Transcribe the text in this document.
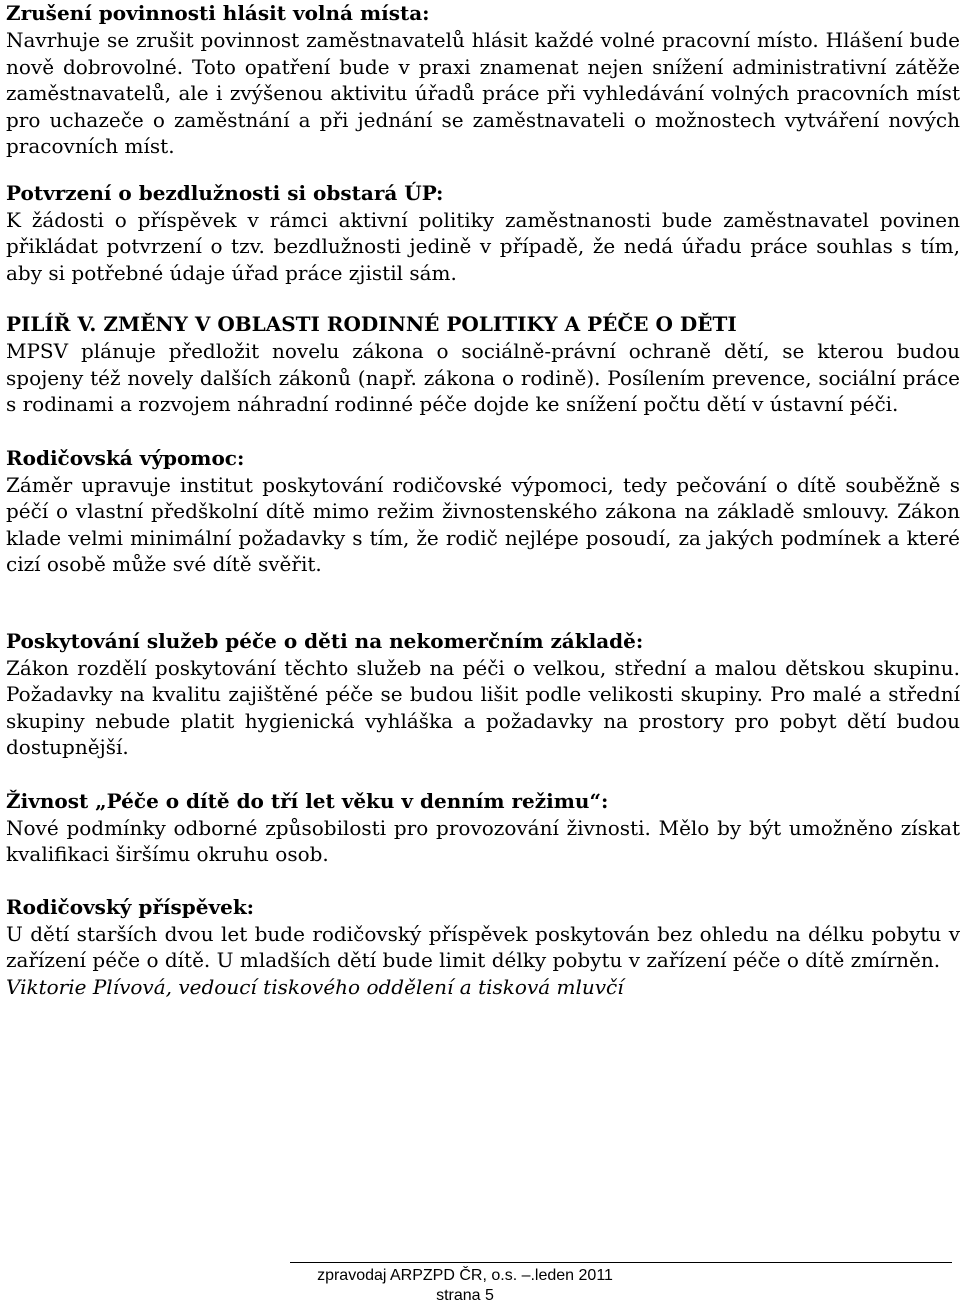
Zrušení povinnosti hlásit volná místa:

Navrhuje se zrušit povinnost zaměstnavatelů hlásit každé volné pracovní místo. Hlášení bude nově dobrovolné. Toto opatření bude v praxi znamenat nejen snížení administrativní zátěže zaměstnavatelů, ale i zvýšenou aktivitu úřadů práce při vyhledávání volných pracovních míst pro uchazeče o zaměstnání a při jednání se zaměstnavateli o možnostech vytváření nových pracovních míst.

Potvrzení o bezdlužnosti si obstará ÚP:

K žádosti o příspěvek v rámci aktivní politiky zaměstnanosti bude zaměstnavatel povinen přikládat potvrzení o tzv. bezdlužnosti jedině v případě, že nedá úřadu práce souhlas s tím, aby si potřebné údaje úřad práce zjistil sám.

PILÍŘ V. ZMĚNY V OBLASTI RODINNÉ POLITIKY A PÉČE O DĚTI

MPSV plánuje předložit novelu zákona o sociálně-právní ochraně dětí, se kterou budou spojeny též novely dalších zákonů (např. zákona o rodině). Posílením prevence, sociální práce s rodinami a rozvojem náhradní rodinné péče dojde ke snížení počtu dětí v ústavní péči.

Rodičovská výpomoc:

Záměr upravuje institut poskytování rodičovské výpomoci, tedy pečování o dítě souběžně s péčí o vlastní předškolní dítě mimo režim živnostenského zákona na základě smlouvy. Zákon klade velmi minimální požadavky s tím, že rodič nejlépe posoudí, za jakých podmínek a které cizí osobě může své dítě svěřit.

Poskytování služeb péče o děti na nekomerčním základě:

Zákon rozdělí poskytování těchto služeb na péči o velkou, střední a malou dětskou skupinu. Požadavky na kvalitu zajištěné péče se budou lišit podle velikosti skupiny. Pro malé a střední skupiny nebude platit hygienická vyhláška a požadavky na prostory pro pobyt dětí budou dostupnější.

Živnost „Péče o dítě do tří let věku v denním režimu“:

Nové podmínky odborné způsobilosti pro provozování živnosti. Mělo by být umožněno získat kvalifikaci širšímu okruhu osob.

Rodičovský příspěvek:

U dětí starších dvou let bude rodičovský příspěvek poskytován bez ohledu na délku pobytu v zařízení péče o dítě. U mladších dětí bude limit délky pobytu v zařízení péče o dítě zmírněn.

Viktorie Plívová, vedoucí tiskového oddělení a tisková mluvčí

zpravodaj ARPZPD ČR, o.s. –.leden 2011
strana 5
